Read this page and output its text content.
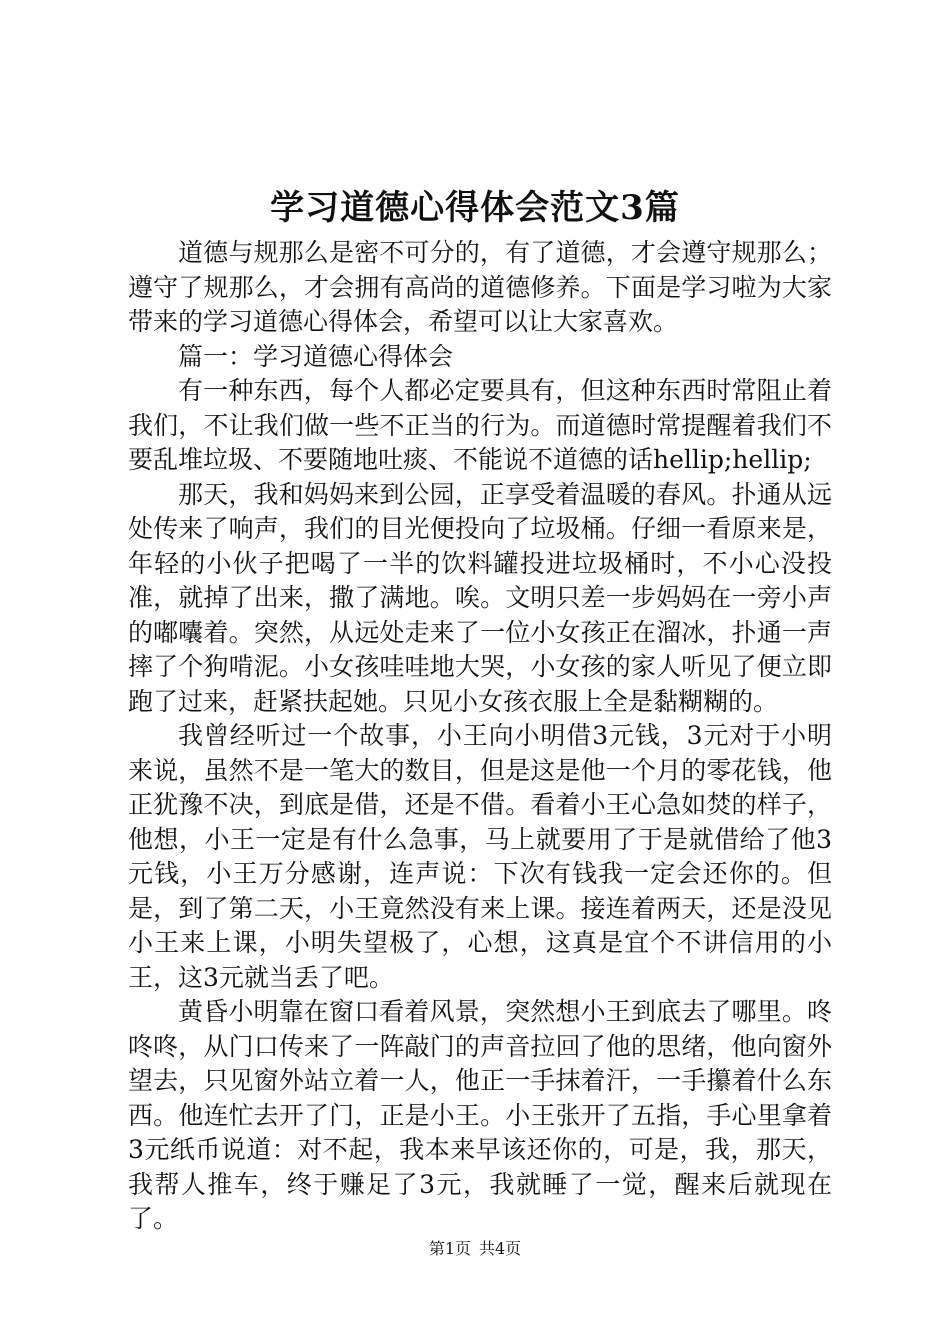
学习道德心得体会范文3篇

道德与规那么是密不可分的，有了道德，才会遵守规那么；遵守了规那么，才会拥有高尚的道德修养。下面是学习啦为大家带来的学习道德心得体会，希望可以让大家喜欢。

篇一：学习道德心得体会

有一种东西，每个人都必定要具有，但这种东西时常阻止着我们，不让我们做一些不正当的行为。而道德时常提醒着我们不要乱堆垃圾、不要随地吐痰、不能说不道德的话hellip;hellip;

那天，我和妈妈来到公园，正享受着温暖的春风。扑通从远处传来了响声，我们的目光便投向了垃圾桶。仔细一看原来是，年轻的小伙子把喝了一半的饮料罐投进垃圾桶时，不小心没投准，就掉了出来，撒了满地。唉。文明只差一步妈妈在一旁小声的嘟囔着。突然，从远处走来了一位小女孩正在溜冰，扑通一声摔了个狗啃泥。小女孩哇哇地大哭，小女孩的家人听见了便立即跑了过来，赶紧扶起她。只见小女孩衣服上全是黏糊糊的。

我曾经听过一个故事，小王向小明借3元钱，3元对于小明来说，虽然不是一笔大的数目，但是这是他一个月的零花钱，他正犹豫不决，到底是借，还是不借。看着小王心急如焚的样子，他想，小王一定是有什么急事，马上就要用了于是就借给了他3元钱，小王万分感谢，连声说：下次有钱我一定会还你的。但是，到了第二天，小王竟然没有来上课。接连着两天，还是没见小王来上课，小明失望极了，心想，这真是宜个不讲信用的小王，这3元就当丢了吧。

黄昏小明靠在窗口看着风景，突然想小王到底去了哪里。咚咚咚，从门口传来了一阵敲门的声音拉回了他的思绪，他向窗外望去，只见窗外站立着一人，他正一手抹着汗，一手攥着什么东西。他连忙去开了门，正是小王。小王张开了五指，手心里拿着3元纸币说道：对不起，我本来早该还你的，可是，我，那天，我帮人推车，终于赚足了3元，我就睡了一觉，醒来后就现在了。

第1页 共4页
